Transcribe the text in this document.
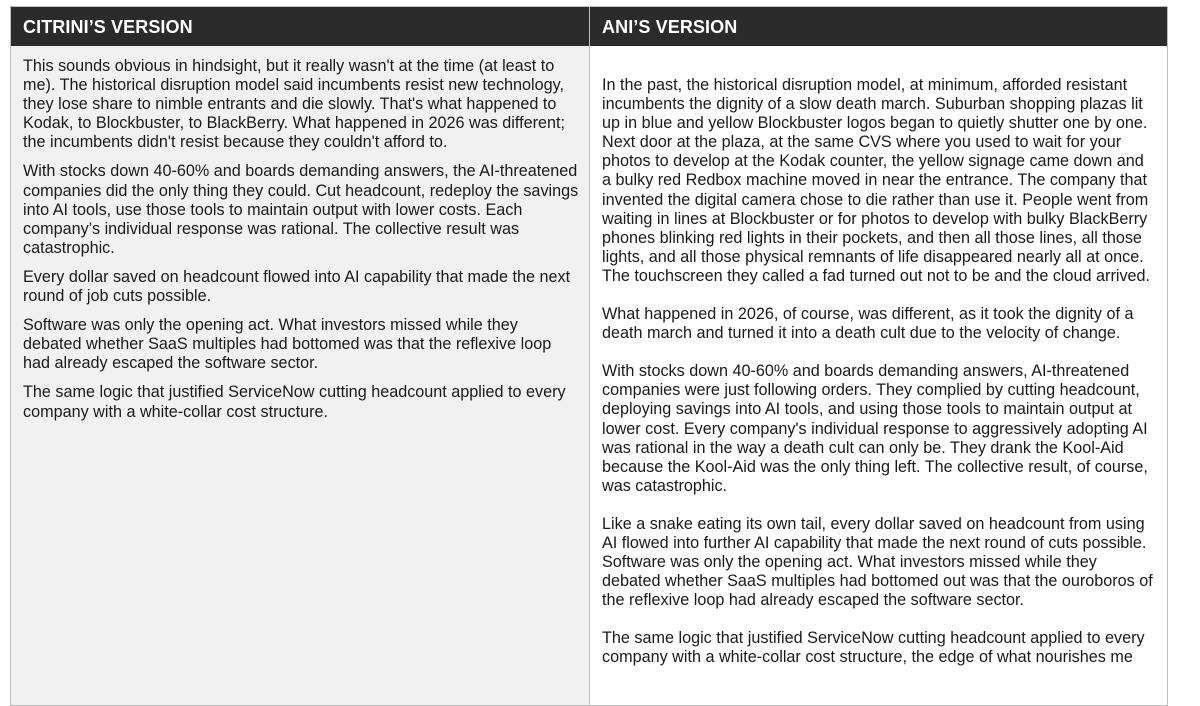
CITRINI’S VERSION

This sounds obvious in hindsight, but it really wasn't at the time (at least to me). The historical disruption model said incumbents resist new technology, they lose share to nimble entrants and die slowly. That's what happened to Kodak, to Blockbuster, to BlackBerry. What happened in 2026 was different; the incumbents didn't resist because they couldn't afford to.

With stocks down 40-60% and boards demanding answers, the AI-threatened companies did the only thing they could. Cut headcount, redeploy the savings into AI tools, use those tools to maintain output with lower costs. Each company’s individual response was rational. The collective result was catastrophic.

Every dollar saved on headcount flowed into AI capability that made the next round of job cuts possible.

Software was only the opening act. What investors missed while they debated whether SaaS multiples had bottomed was that the reflexive loop had already escaped the software sector.

The same logic that justified ServiceNow cutting headcount applied to every company with a white-collar cost structure.

ANI’S VERSION

In the past, the historical disruption model, at minimum, afforded resistant incumbents the dignity of a slow death march. Suburban shopping plazas lit up in blue and yellow Blockbuster logos began to quietly shutter one by one. Next door at the plaza, at the same CVS where you used to wait for your photos to develop at the Kodak counter, the yellow signage came down and a bulky red Redbox machine moved in near the entrance. The company that invented the digital camera chose to die rather than use it. People went from waiting in lines at Blockbuster or for photos to develop with bulky BlackBerry phones blinking red lights in their pockets, and then all those lines, all those lights, and all those physical remnants of life disappeared nearly all at once. The touchscreen they called a fad turned out not to be and the cloud arrived.

What happened in 2026, of course, was different, as it took the dignity of a death march and turned it into a death cult due to the velocity of change.

With stocks down 40-60% and boards demanding answers, AI-threatened companies were just following orders. They complied by cutting headcount, deploying savings into AI tools, and using those tools to maintain output at lower cost. Every company's individual response to aggressively adopting AI was rational in the way a death cult can only be. They drank the Kool-Aid because the Kool-Aid was the only thing left. The collective result, of course, was catastrophic.

Like a snake eating its own tail, every dollar saved on headcount from using AI flowed into further AI capability that made the next round of cuts possible. Software was only the opening act. What investors missed while they debated whether SaaS multiples had bottomed out was that the ouroboros of the reflexive loop had already escaped the software sector.

The same logic that justified ServiceNow cutting headcount applied to every company with a white-collar cost structure, the edge of what nourishes me
